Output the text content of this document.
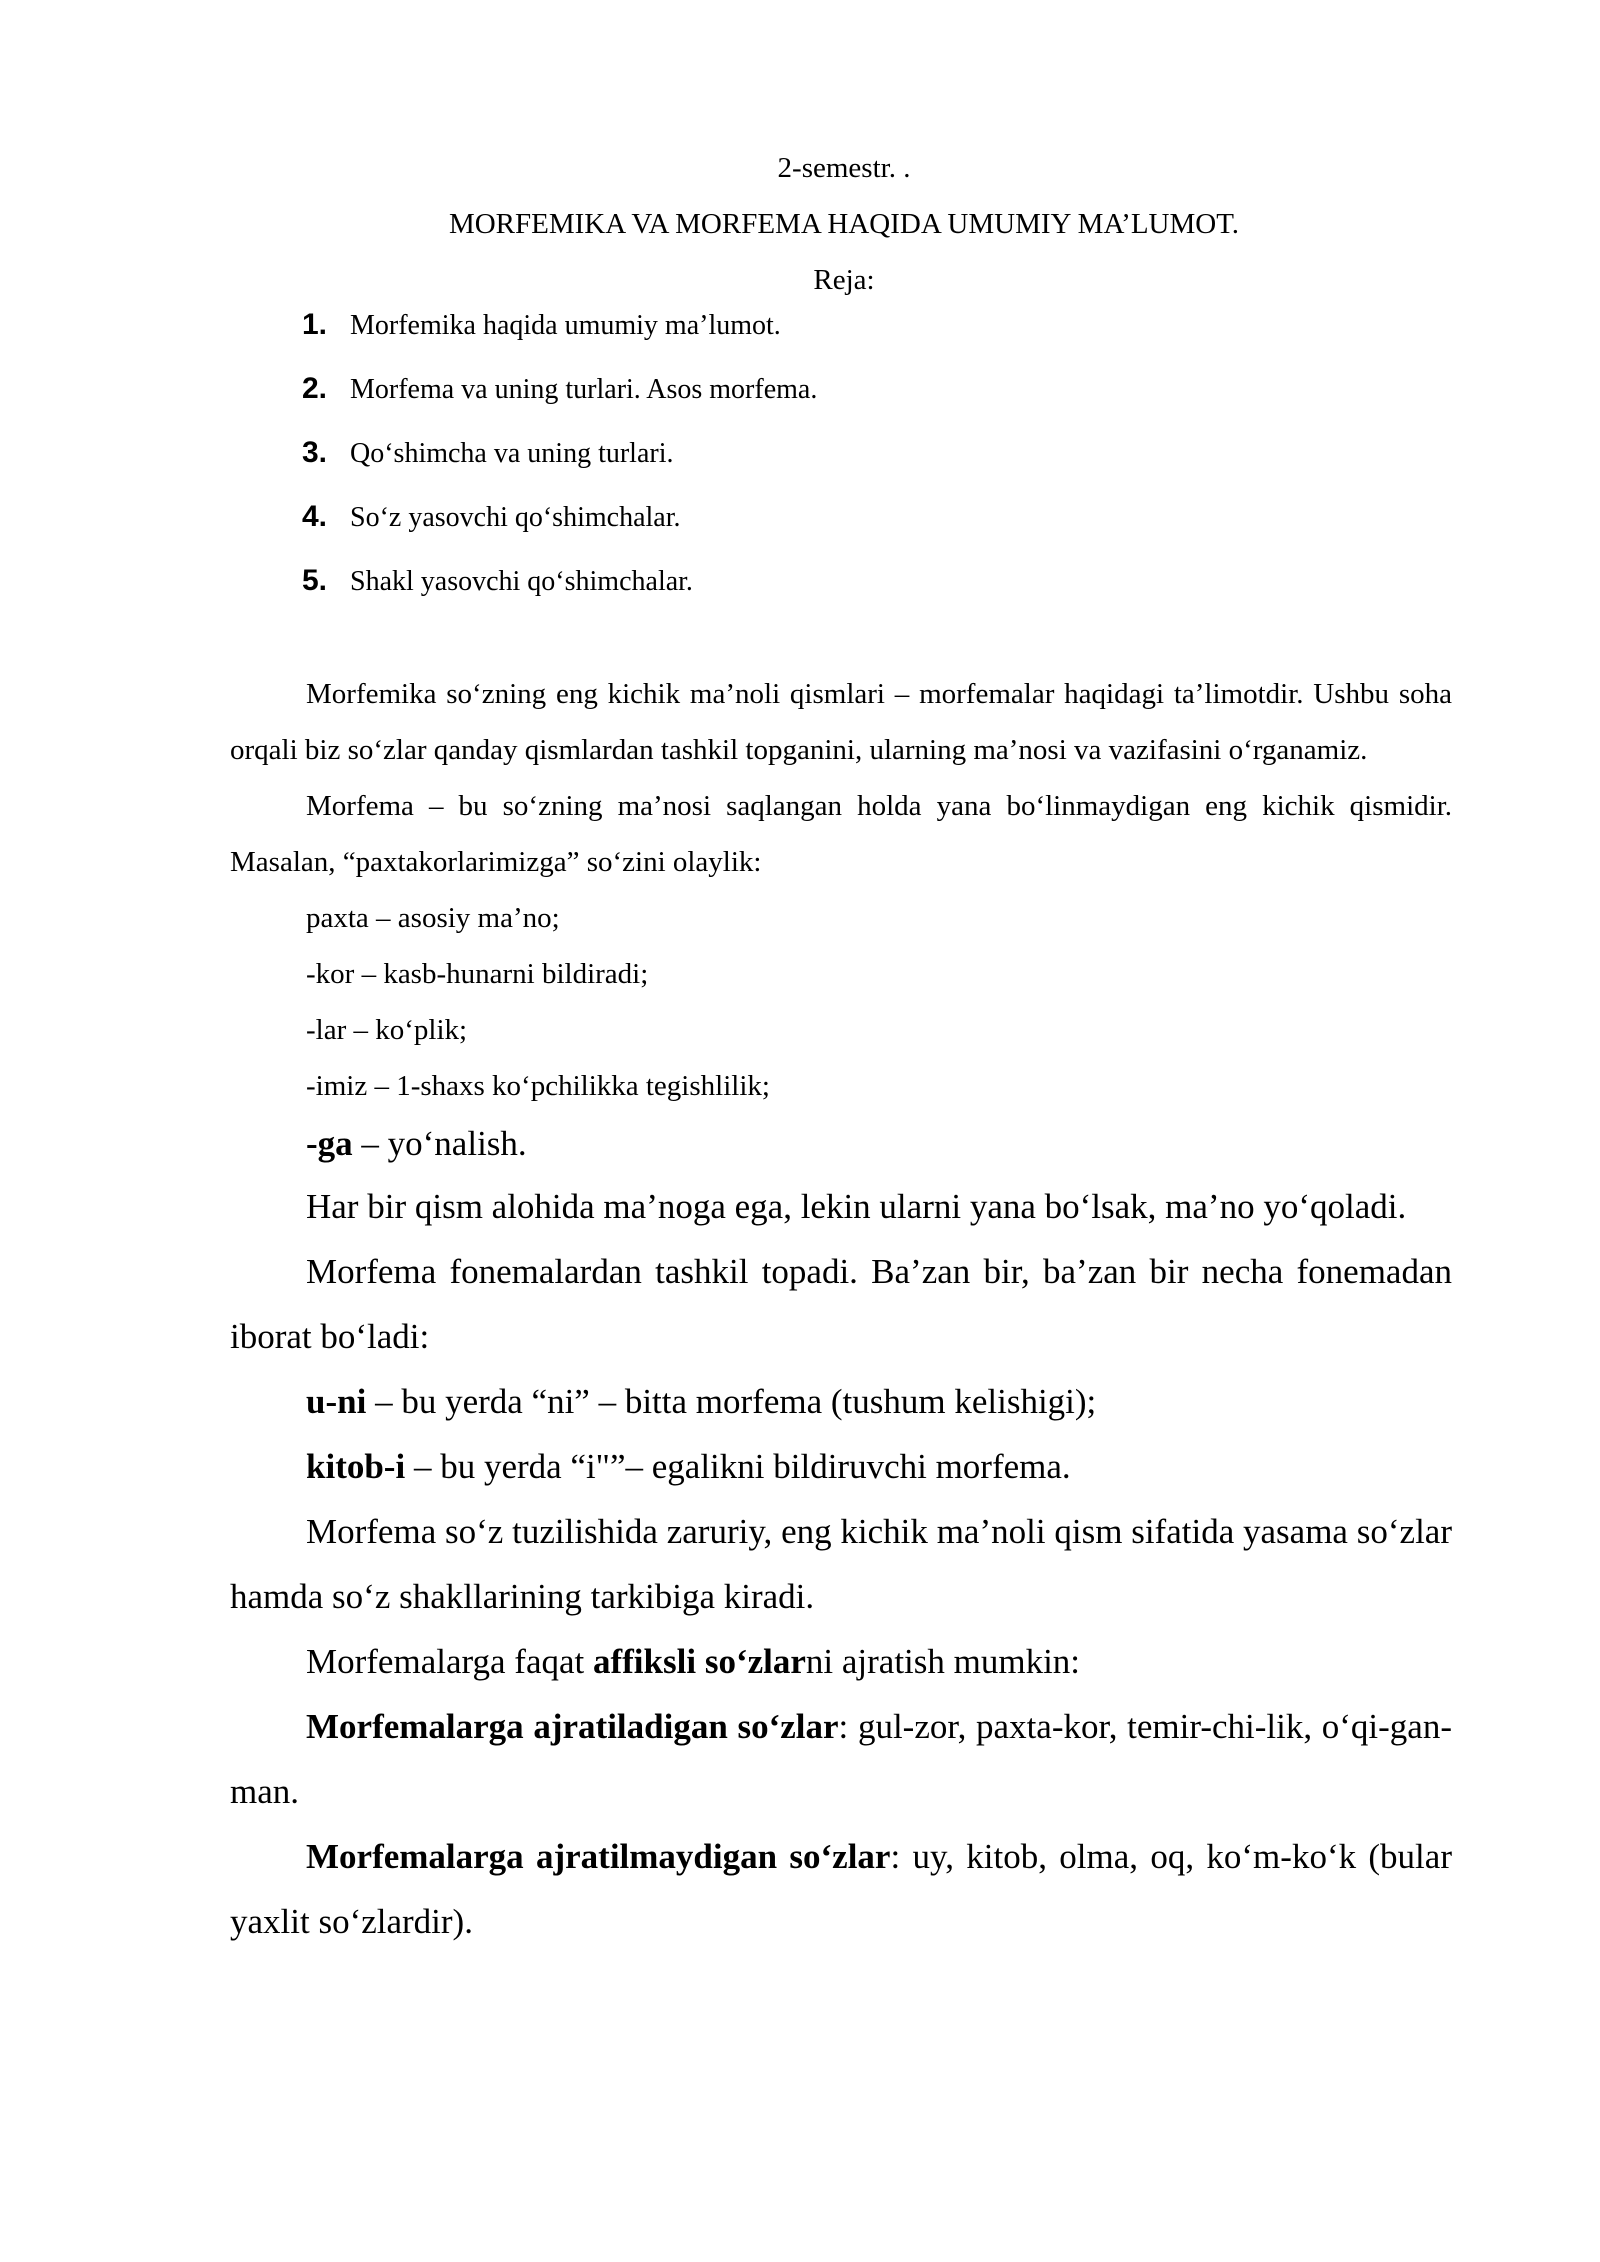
2-semestr. .

MORFEMIKA VA MORFEMA HAQIDA UMUMIY MA’LUMOT.

Reja:

1. Morfemika haqida umumiy ma’lumot.
2. Morfema va uning turlari. Asos morfema.
3. Qo‘shimcha va uning turlari.
4. So‘z yasovchi qo‘shimchalar.
5. Shakl yasovchi qo‘shimchalar.

Morfemika so‘zning eng kichik ma’noli qismlari – morfemalar haqidagi ta’limotdir. Ushbu soha orqali biz so‘zlar qanday qismlardan tashkil topganini, ularning ma’nosi va vazifasini o‘rganamiz.

Morfema – bu so‘zning ma’nosi saqlangan holda yana bo‘linmaydigan eng kichik qismidir. Masalan, “paxtakorlarimizga” so‘zini olaylik:

paxta – asosiy ma’no;

-kor – kasb-hunarni bildiradi;

-lar – ko‘plik;

-imiz – 1-shaxs ko‘pchilikka tegishlilik;

-ga – yo‘nalish.

Har bir qism alohida ma’noga ega, lekin ularni yana bo‘lsak, ma’no yo‘qoladi.

Morfema fonemalardan tashkil topadi. Ba’zan bir, ba’zan bir necha fonemadan iborat bo‘ladi:

u-ni – bu yerda “ni” – bitta morfema (tushum kelishigi);

kitob-i – bu yerda “i"”– egalikni bildiruvchi morfema.

Morfema so‘z tuzilishida zaruriy, eng kichik ma’noli qism sifatida yasama so‘zlar hamda so‘z shakllarining tarkibiga kiradi.

Morfemalarga faqat affiksli so‘zlarni ajratish mumkin:

Morfemalarga ajratiladigan so‘zlar: gul-zor, paxta-kor, temir-chi-lik, o‘qi-gan-man.

Morfemalarga ajratilmaydigan so‘zlar: uy, kitob, olma, oq, ko‘m-ko‘k (bular yaxlit so‘zlardir).
